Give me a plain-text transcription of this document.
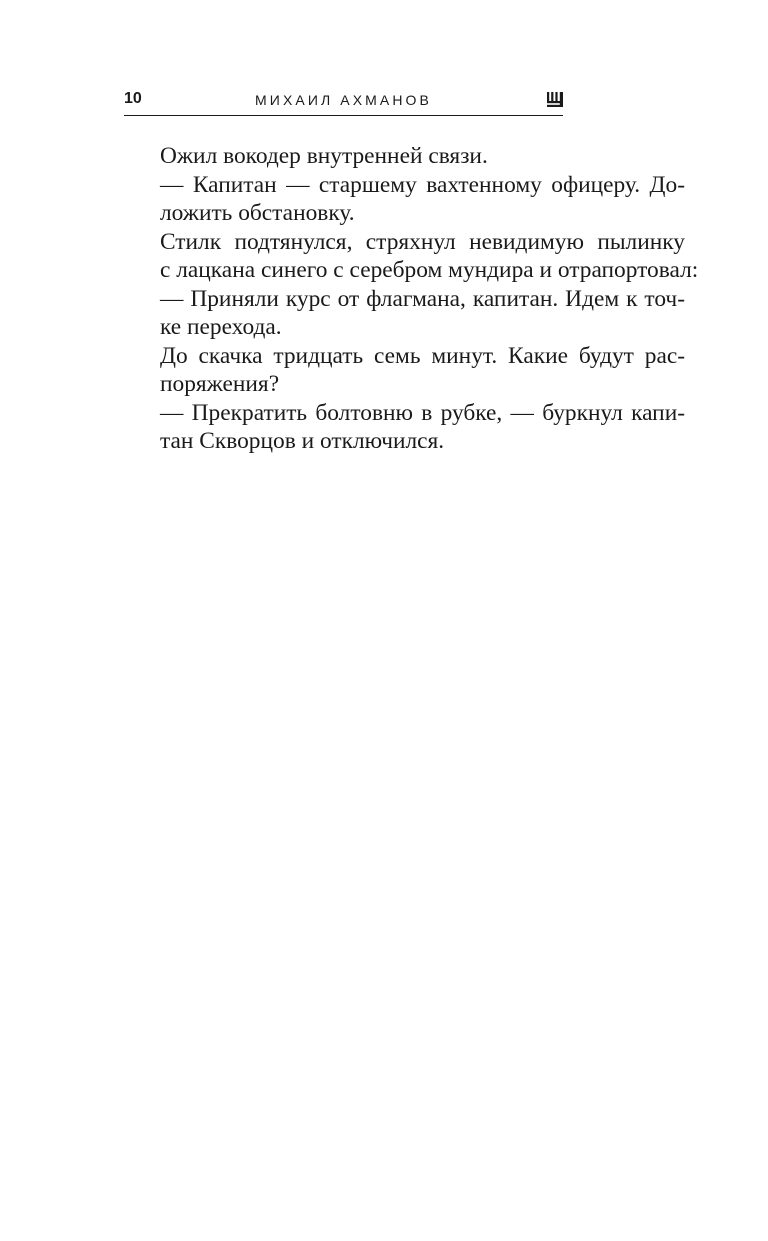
10	МИХАИЛ АХМАНОВ

Ожил вокодер внутренней связи.

— Капитан — старшему вахтенному офицеру. До-
ложить обстановку.

Стилк подтянулся, стряхнул невидимую пылинку
с лацкана синего с серебром мундира и отрапортовал:

— Приняли курс от флагмана, капитан. Идем к точ-
ке перехода.

До скачка тридцать семь минут. Какие будут рас-
поряжения?

— Прекратить болтовню в рубке, — буркнул капи-
тан Скворцов и отключился.
